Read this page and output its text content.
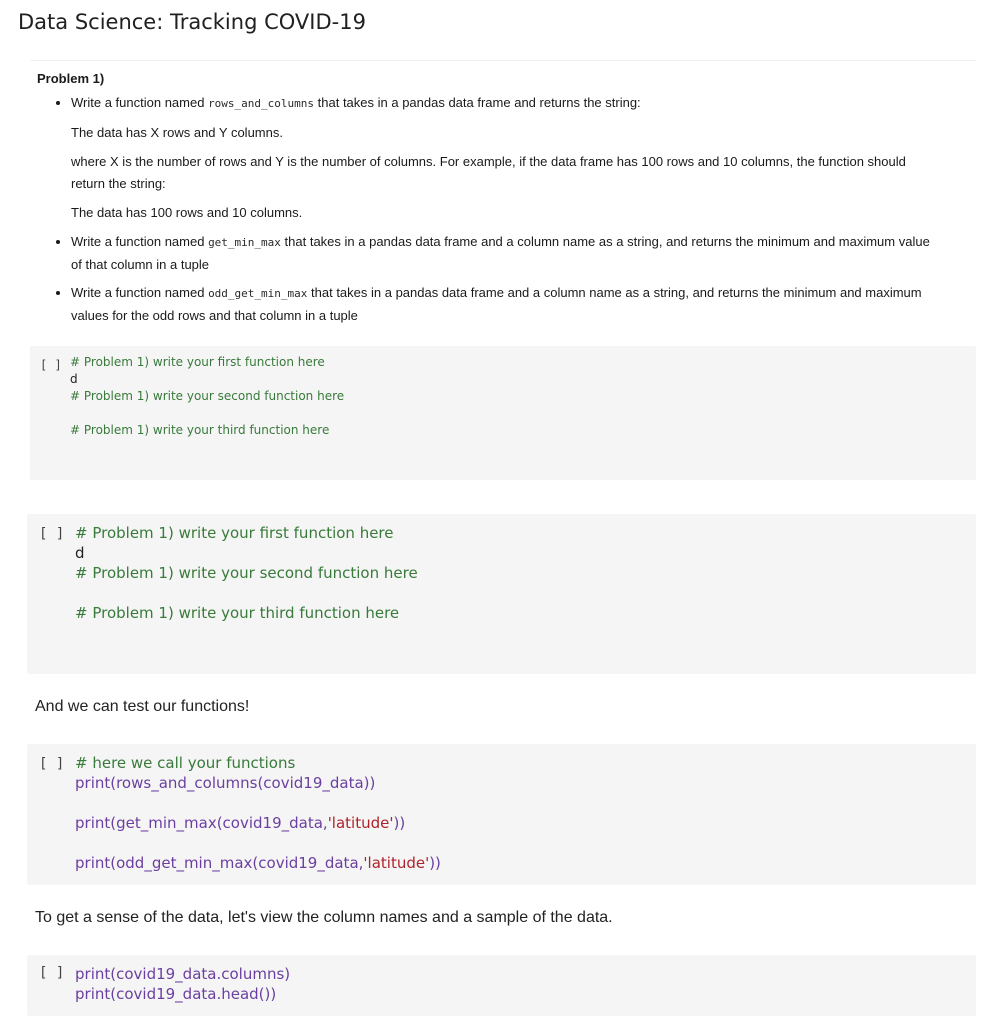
Data Science: Tracking COVID-19

Problem 1)

• Write a function named rows_and_columns that takes in a pandas data frame and returns the string:

The data has X rows and Y columns.

where X is the number of rows and Y is the number of columns. For example, if the data frame has 100 rows and 10 columns, the function should return the string:

The data has 100 rows and 10 columns.

• Write a function named get_min_max that takes in a pandas data frame and a column name as a string, and returns the minimum and maximum value of that column in a tuple
• Write a function named odd_get_min_max that takes in a pandas data frame and a column name as a string, and returns the minimum and maximum values for the odd rows and that column in a tuple
[ ] # Problem 1) write your first function here
d
# Problem 1) write your second function here

# Problem 1) write your third function here
[ ] # Problem 1) write your first function here
d
# Problem 1) write your second function here

# Problem 1) write your third function here
And we can test our functions!
[ ] # here we call your functions
print(rows_and_columns(covid19_data))

print(get_min_max(covid19_data,'latitude'))

print(odd_get_min_max(covid19_data,'latitude'))
To get a sense of the data, let's view the column names and a sample of the data.
[ ] print(covid19_data.columns)
print(covid19_data.head())
